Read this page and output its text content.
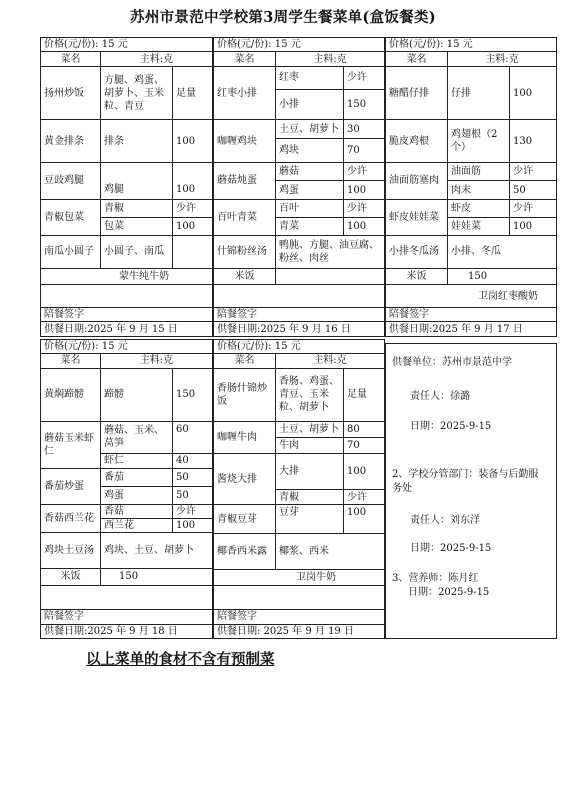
苏州市景范中学校第3周学生餐菜单(盒饭餐类)
价格(元/份): 15 元		
菜名	主料:克	
扬州炒饭	方腿、鸡蛋、胡萝卜、玉米粒、青豆	足量
黄金排条	排条	100
豆豉鸡腿	鸡腿	100
青椒包菜	青椒	少许
	包菜	100
南瓜小圆子	小圆子、南瓜	
蒙牛纯牛奶		

陪餐签字		
供餐日期:2025 年 9 月 15 日		
价格(元/份): 15 元		
菜名	主料:克	
红枣小排	红枣	少许
	小排	150
咖喱鸡块	土豆、胡萝卜	30
	鸡块	70
蘑菇炖蛋	蘑菇	少许
	鸡蛋	100
百叶青菜	百叶	少许
	青菜	100
什锦粉丝汤	鸭肫、方腿、油豆腐、粉丝、肉丝	
米饭		

陪餐签字		
供餐日期:2025 年 9 月 16 日		
价格(元/份): 15 元		
菜名	主料:克	
糖醋仔排	仔排	100
脆皮鸡根	鸡翅根（2个）	130
油面筋塞肉	油面筋	少许
	肉末	50
虾皮娃娃菜	虾皮	少许
	娃娃菜	100
小排冬瓜汤	小排、冬瓜	
米饭	150	
卫岗红枣酸奶		
陪餐签字		
供餐日期:2025 年 9 月 17 日		
价格(元/份): 15 元		
菜名	主料:克	
黄焖蹄髈	蹄髈	150
蘑菇玉米虾仁	蘑菇、玉米、莴笋	60
	虾仁	40
番茄炒蛋	番茄	50
	鸡蛋	50
香菇西兰花	香菇	少许
	西兰花	100
鸡块土豆汤	鸡块、土豆、胡萝卜	
米饭	150	

陪餐签字		
供餐日期:2025 年 9 月 18 日		
价格(元/份): 15 元		
菜名	主料:克	
香肠什锦炒饭	香肠、鸡蛋、青豆、玉米粒、胡萝卜	足量
咖喱牛肉	土豆、胡萝卜	80
	牛肉	70
酱烧大排	大排	100
	青椒	少许
青椒豆芽	豆芽	100
椰香西米露	椰浆、西米	
卫岗牛奶		

陪餐签字		
供餐日期: 2025 年 9 月 19 日		

供餐单位：苏州市景范中学

责任人：徐潞

日期：2025-9-15

2、学校分管部门：装备与后勤服务处

责任人：刘东洋

日期：2025-9-15

3、营养师：陈月红

日期：2025-9-15

以上菜单的食材不含有预制菜
